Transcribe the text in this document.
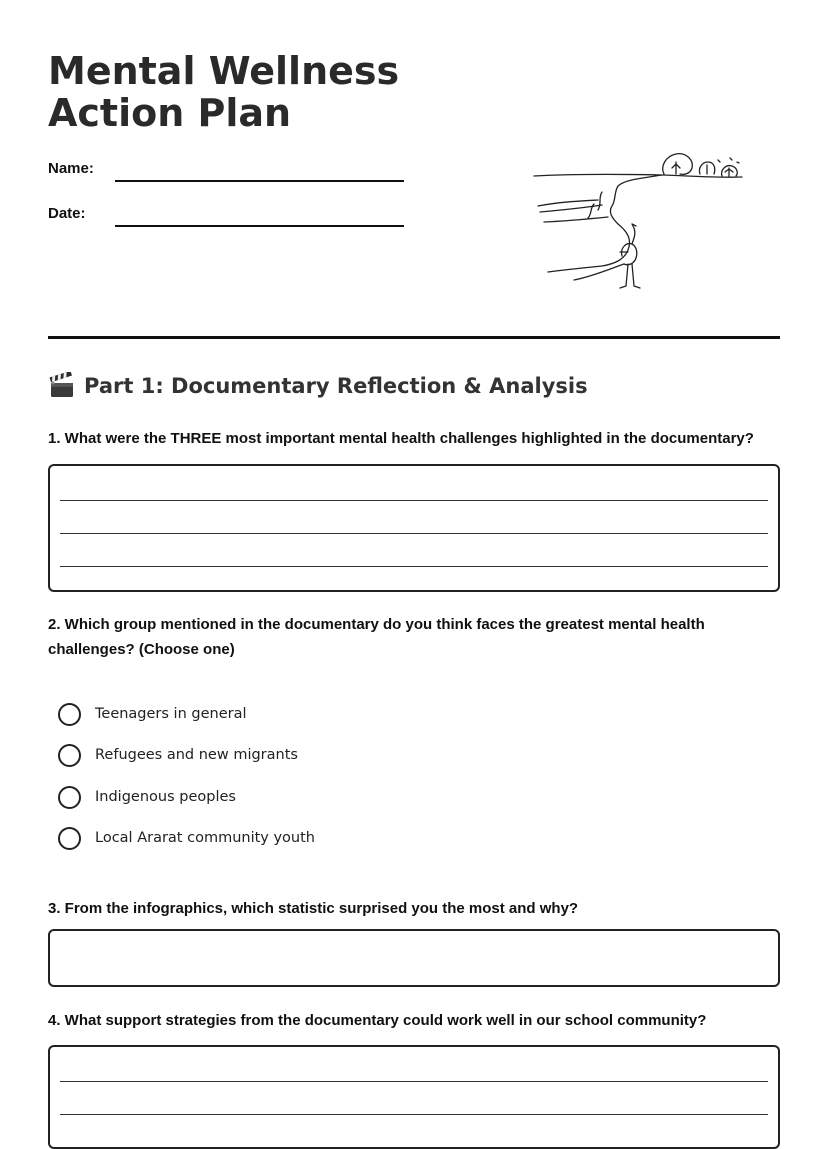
Mental Wellness Action Plan
Name:
Date:
Part 1: Documentary Reflection & Analysis

1. What were the THREE most important mental health challenges highlighted in the documentary?

2. Which group mentioned in the documentary do you think faces the greatest mental health challenges? (Choose one)

Teenagers in general
Refugees and new migrants
Indigenous peoples
Local Ararat community youth

3. From the infographics, which statistic surprised you the most and why?

4. What support strategies from the documentary could work well in our school community?
